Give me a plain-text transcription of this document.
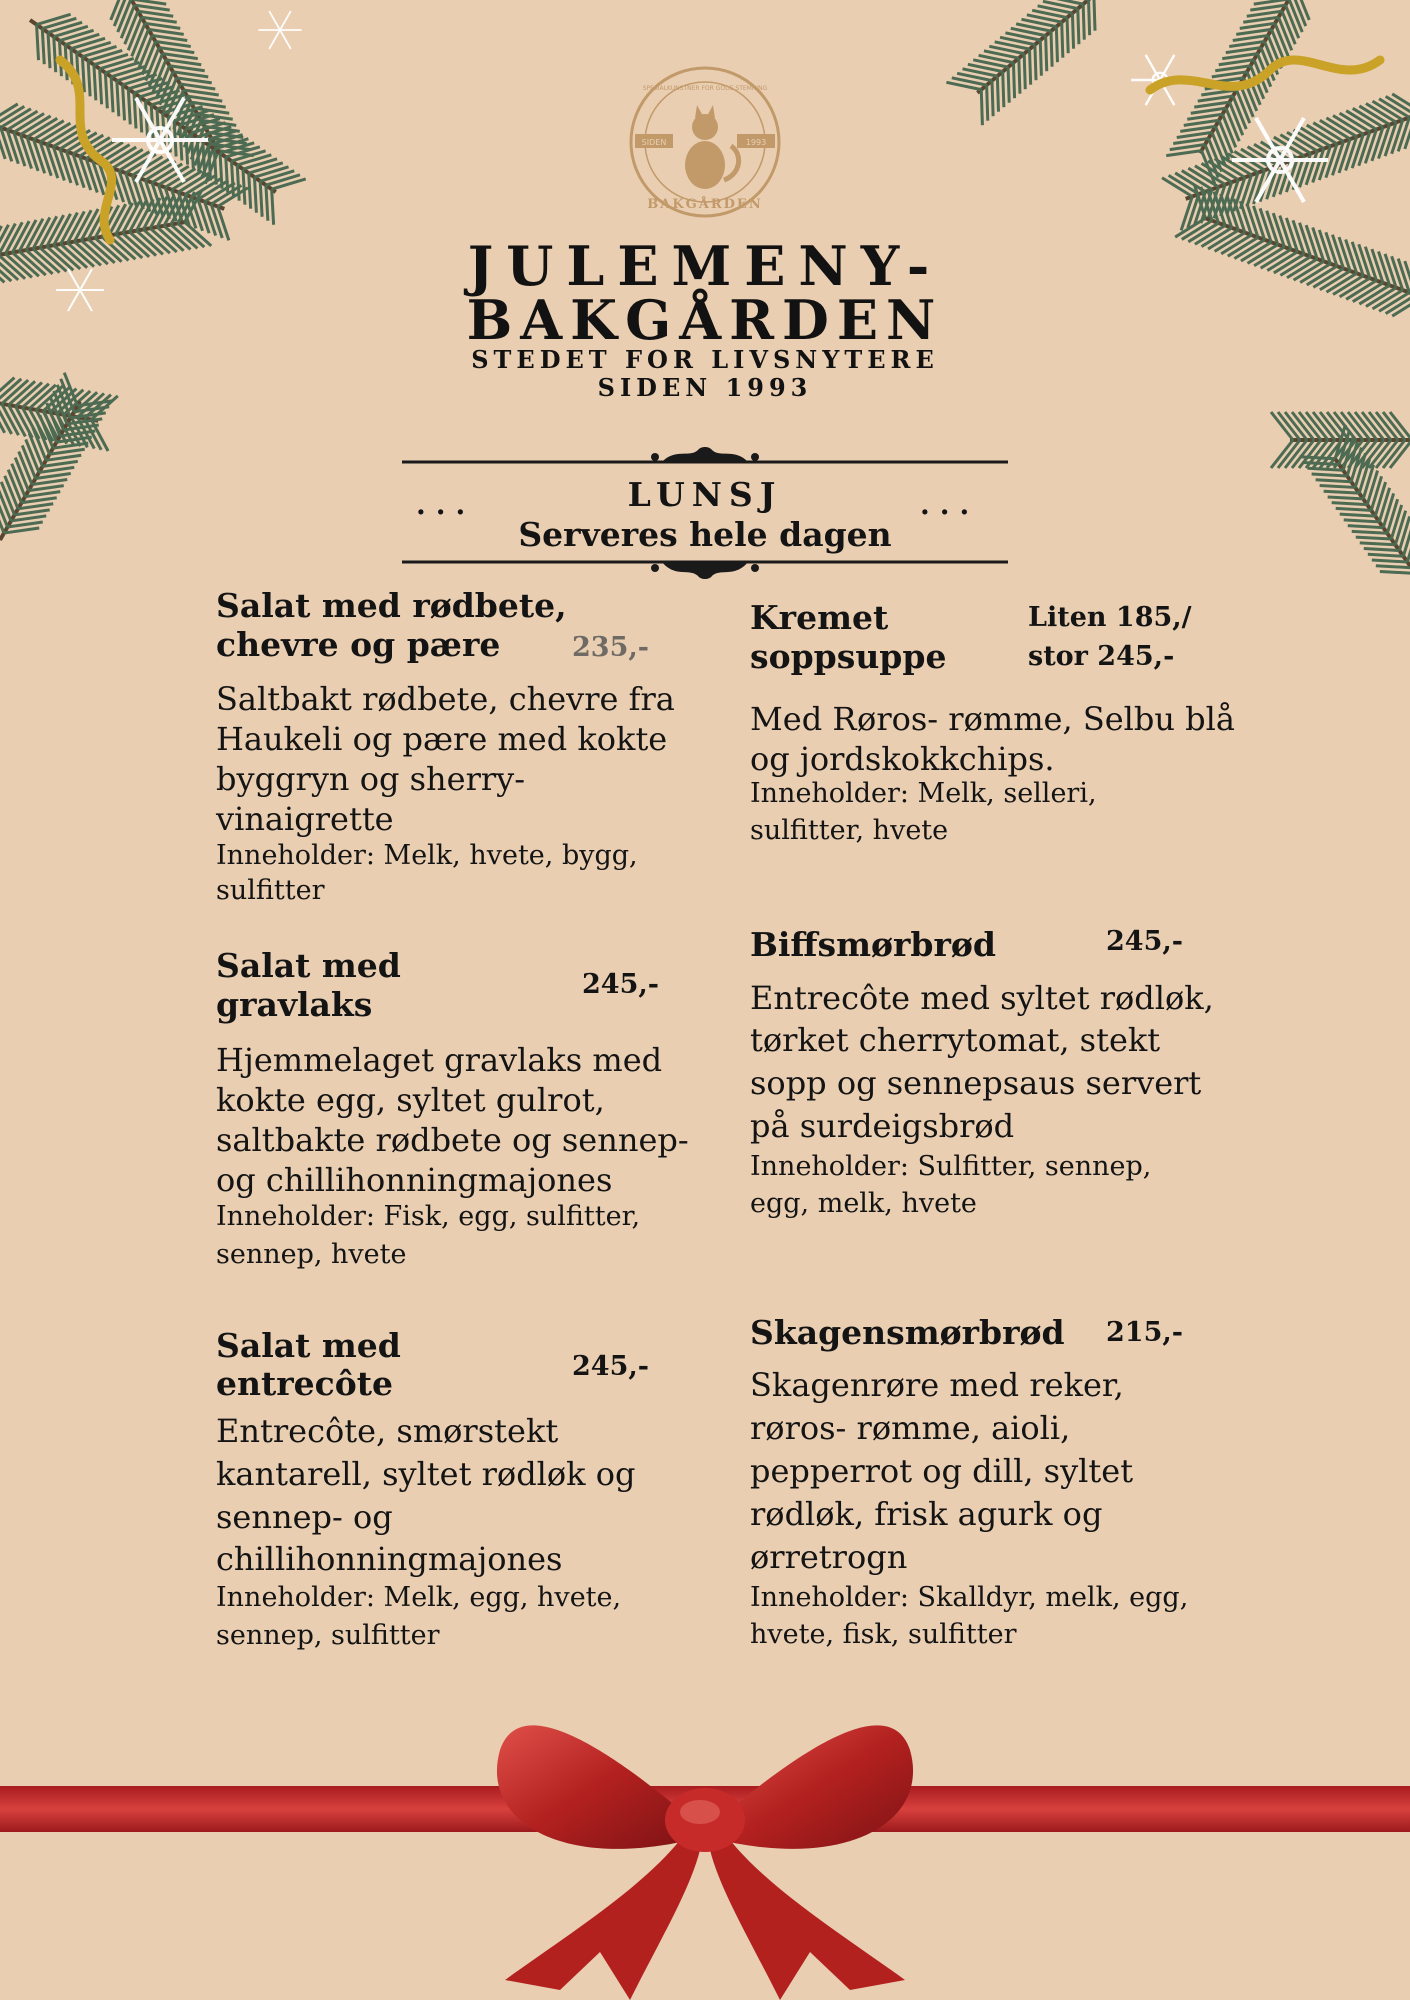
SIDEN	1993
SPESIALKUNSTNER FOR GODE STEMNING
BAKGÅRDEN
JULEMENY-
BAKGÅRDEN
STEDET FOR LIVSNYTERE
SIDEN 1993
...	...
LUNSJ
Serveres hele dagen
Salat med rødbete,
chevre og pære	235,-
Saltbakt rødbete, chevre fra
Haukeli og pære med kokte
byggryn og sherry-
vinaigrette
Inneholder: Melk, hvete, bygg,
sulfitter
Salat med
gravlaks
245,-
Hjemmelaget gravlaks med
kokte egg, syltet gulrot,
saltbakte rødbete og sennep-
og chillihonningmajones
Inneholder: Fisk, egg, sulfitter,
sennep, hvete
Salat med
entrecôte	245,-
Entrecôte, smørstekt
kantarell, syltet rødløk og
sennep- og
chillihonningmajones
Inneholder: Melk, egg, hvete,
sennep, sulfitter
Kremet
soppsuppe
Liten 185,/
stor 245,-
Med Røros- rømme, Selbu blå
og jordskokkchips.
Inneholder: Melk, selleri,
sulfitter, hvete
Biffsmørbrød	245,-
Entrecôte med syltet rødløk,
tørket cherrytomat, stekt
sopp og sennepsaus servert
på surdeigsbrød
Inneholder: Sulfitter, sennep,
egg, melk, hvete
Skagensmørbrød 215,-
Skagenrøre med reker,
røros- rømme, aioli,
pepperrot og dill, syltet
rødløk, frisk agurk og
ørretrogn
Inneholder: Skalldyr, melk, egg,
hvete, fisk, sulfitter
